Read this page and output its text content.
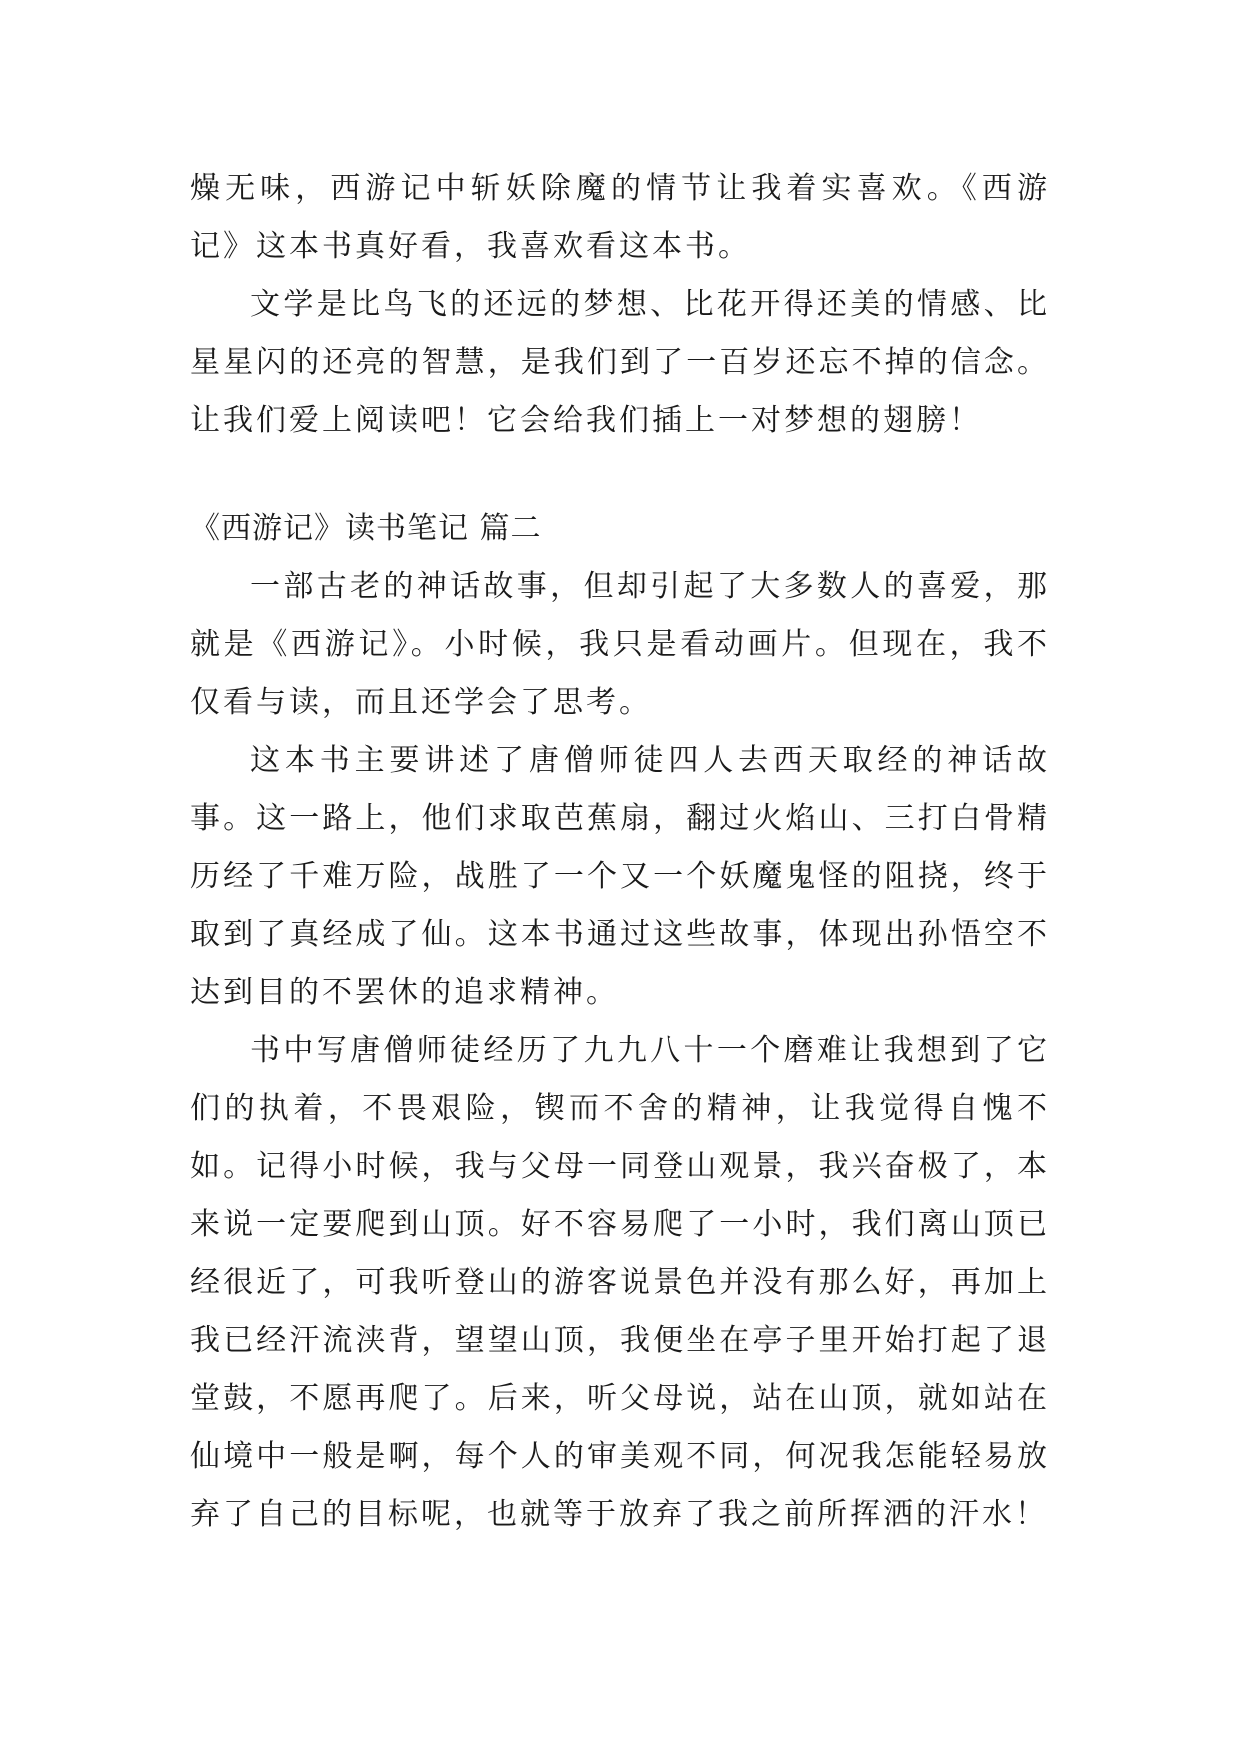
燥无味，西游记中斩妖除魔的情节让我着实喜欢。《西游记》这本书真好看，我喜欢看这本书。

文学是比鸟飞的还远的梦想、比花开得还美的情感、比星星闪的还亮的智慧，是我们到了一百岁还忘不掉的信念。让我们爱上阅读吧！它会给我们插上一对梦想的翅膀！

《西游记》读书笔记 篇二

一部古老的神话故事，但却引起了大多数人的喜爱，那就是《西游记》。小时候，我只是看动画片。但现在，我不仅看与读，而且还学会了思考。

这本书主要讲述了唐僧师徒四人去西天取经的神话故事。这一路上，他们求取芭蕉扇，翻过火焰山、三打白骨精历经了千难万险，战胜了一个又一个妖魔鬼怪的阻挠，终于取到了真经成了仙。这本书通过这些故事，体现出孙悟空不达到目的不罢休的追求精神。

书中写唐僧师徒经历了九九八十一个磨难让我想到了它们的执着，不畏艰险，锲而不舍的精神，让我觉得自愧不如。记得小时候，我与父母一同登山观景，我兴奋极了，本来说一定要爬到山顶。好不容易爬了一小时，我们离山顶已经很近了，可我听登山的游客说景色并没有那么好，再加上我已经汗流浃背，望望山顶，我便坐在亭子里开始打起了退堂鼓，不愿再爬了。后来，听父母说，站在山顶，就如站在仙境中一般是啊，每个人的审美观不同，何况我怎能轻易放弃了自己的目标呢，也就等于放弃了我之前所挥洒的汗水！
